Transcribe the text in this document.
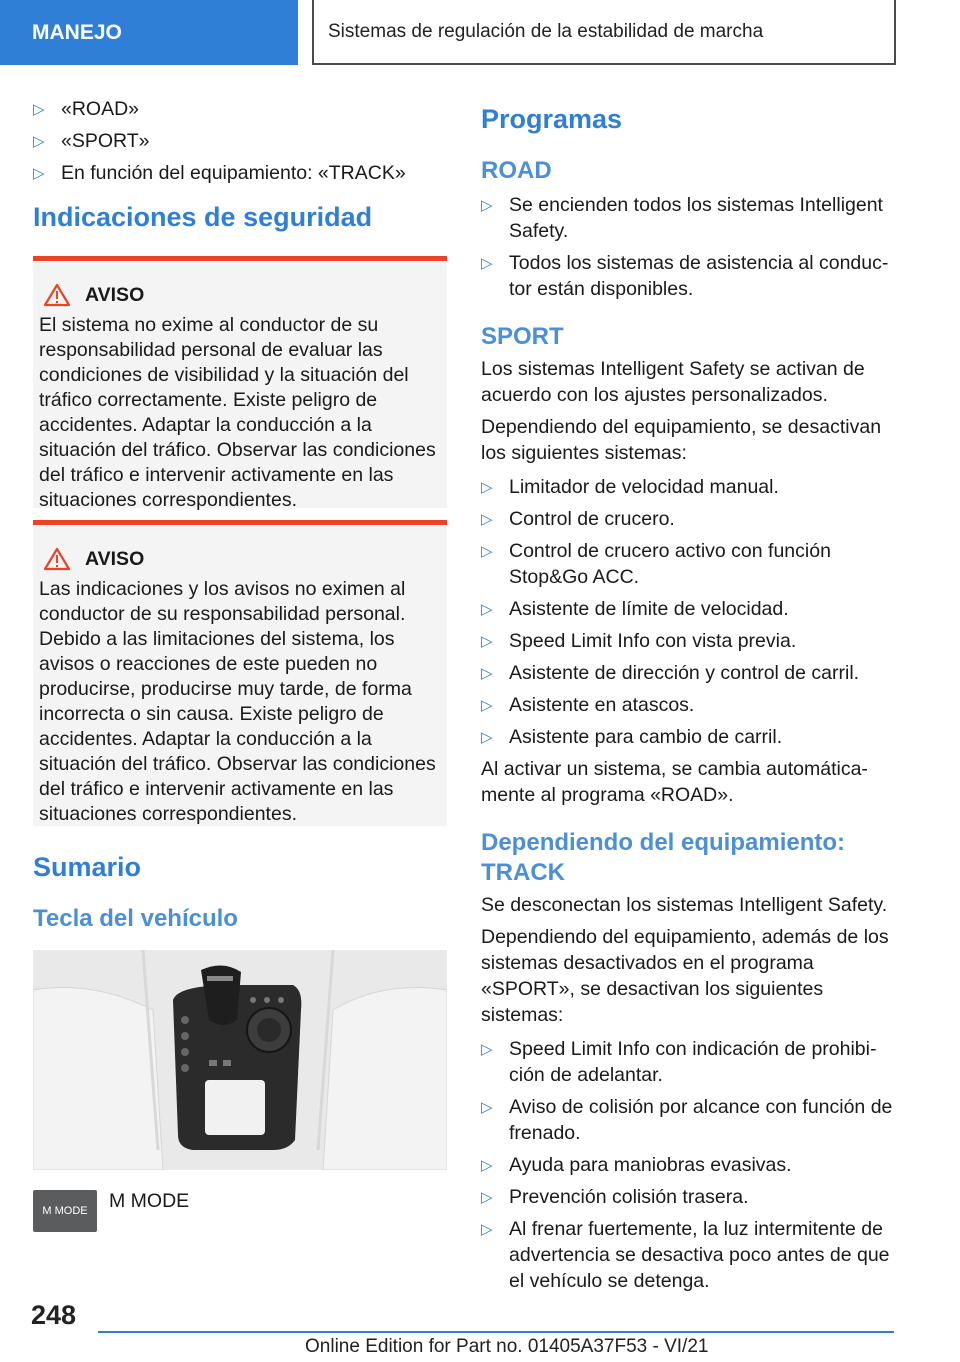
MANEJO	Sistemas de regulación de la estabilidad de marcha
▷ «ROAD»
▷ «SPORT»
▷ En función del equipamiento: «TRACK»
Indicaciones de seguridad
AVISO

El sistema no exime al conductor de su responsabilidad personal de evaluar las condiciones de visibilidad y la situación del tráfico correctamente. Existe peligro de accidentes. Adaptar la conducción a la situación del tráfico. Observar las condiciones del tráfico e intervenir activamente en las situaciones correspondientes.

AVISO

Las indicaciones y los avisos no eximen al conductor de su responsabilidad personal. Debido a las limitaciones del sistema, los avisos o reacciones de este pueden no producirse, producirse muy tarde, de forma incorrecta o sin causa. Existe peligro de accidentes. Adaptar la conducción a la situación del tráfico. Observar las condiciones del tráfico e intervenir activamente en las situaciones correspondientes.

Sumario
Tecla del vehículo
M MODE M MODE
Programas
ROAD
▷ Se encienden todos los sistemas Intelligent Safety.
▷ Todos los sistemas de asistencia al conductor están disponibles.
SPORT

Los sistemas Intelligent Safety se activan de acuerdo con los ajustes personalizados.

Dependiendo del equipamiento, se desactivan los siguientes sistemas:

▷ Limitador de velocidad manual.
▷ Control de crucero.
▷ Control de crucero activo con función Stop&Go ACC.
▷ Asistente de límite de velocidad.
▷ Speed Limit Info con vista previa.
▷ Asistente de dirección y control de carril.
▷ Asistente en atascos.
▷ Asistente para cambio de carril.

Al activar un sistema, se cambia automáticamente al programa «ROAD».

Dependiendo del equipamiento: TRACK

Se desconectan los sistemas Intelligent Safety.

Dependiendo del equipamiento, además de los sistemas desactivados en el programa «SPORT», se desactivan los siguientes sistemas:

▷ Speed Limit Info con indicación de prohibición de adelantar.
▷ Aviso de colisión por alcance con función de frenado.
▷ Ayuda para maniobras evasivas.
▷ Prevención colisión trasera.
▷ Al frenar fuertemente, la luz intermitente de advertencia se desactiva poco antes de que el vehículo se detenga.
248
Online Edition for Part no. 01405A37F53 - VI/21
